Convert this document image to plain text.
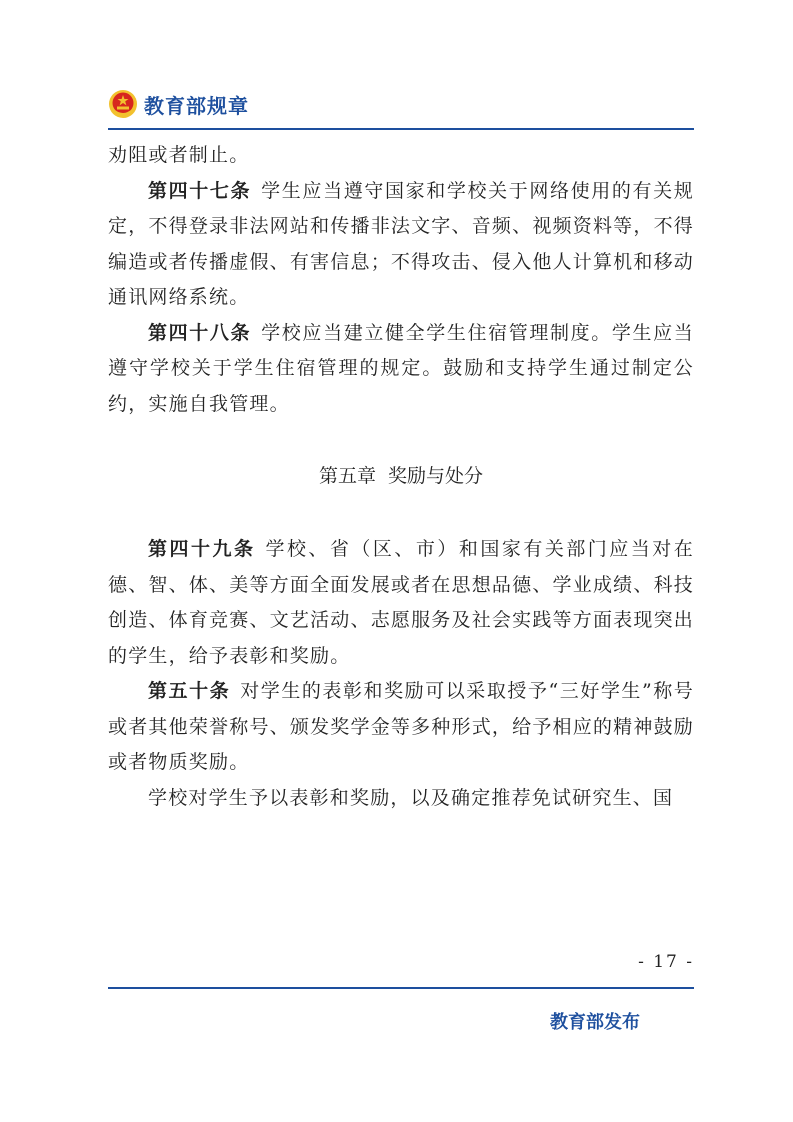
教育部规章

劝阻或者制止。

第四十七条 学生应当遵守国家和学校关于网络使用的有关规定，不得登录非法网站和传播非法文字、音频、视频资料等，不得编造或者传播虚假、有害信息；不得攻击、侵入他人计算机和移动通讯网络系统。

第四十八条 学校应当建立健全学生住宿管理制度。学生应当遵守学校关于学生住宿管理的规定。鼓励和支持学生通过制定公约，实施自我管理。

第五章  奖励与处分

第四十九条 学校、省（区、市）和国家有关部门应当对在德、智、体、美等方面全面发展或者在思想品德、学业成绩、科技创造、体育竞赛、文艺活动、志愿服务及社会实践等方面表现突出的学生，给予表彰和奖励。

第五十条 对学生的表彰和奖励可以采取授予“三好学生”称号或者其他荣誉称号、颁发奖学金等多种形式，给予相应的精神鼓励或者物质奖励。

学校对学生予以表彰和奖励，以及确定推荐免试研究生、国

- 17 -
教育部发布
